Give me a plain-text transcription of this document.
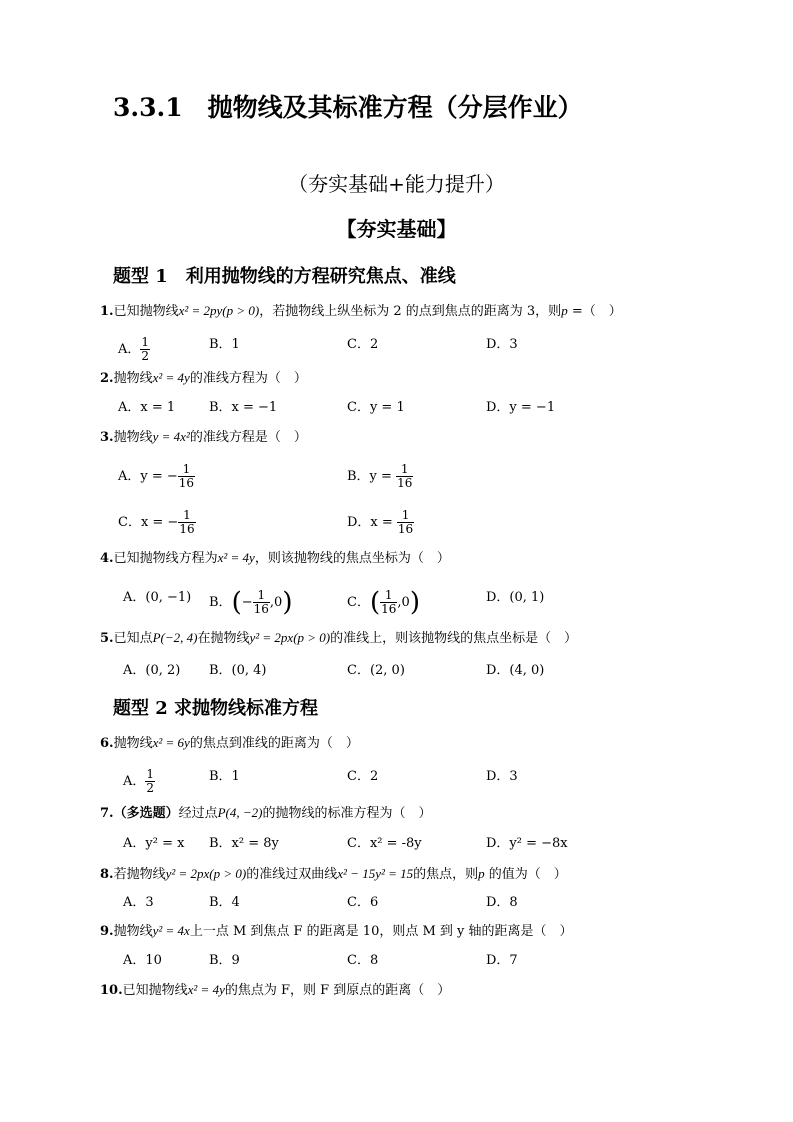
3.3.1　抛物线及其标准方程（分层作业）
（夯实基础+能力提升）
【夯实基础】
题型 1　利用抛物线的方程研究焦点、准线
1.已知抛物线x² = 2py(p > 0)，若抛物线上纵坐标为 2 的点到焦点的距离为 3，则p =（　）
A． $\frac{1}{2}$	B．1	C．2	D．3
2.抛物线x² = 4y的准线方程为（　）
A．x = 1	B．x = −1	C．y = 1	D．y = −1
3.抛物线y = 4x²的准线方程是（　）
A．y = − $\frac{1}{16}$	B．$y = \frac{1}{16}$
C．x = − $\frac{1}{16}$	D．$x = \frac{1}{16}$
4.已知抛物线方程为x² = 4y，则该抛物线的焦点坐标为（　）
A．(0, −1) B．(− $\frac{1}{16} ,0$)	C．( $\frac{1}{16} ,0$)	D．(0, 1)
5.已知点P(−2, 4)在抛物线y² = 2px(p > 0)的准线上，则该抛物线的焦点坐标是（　）
A．(0, 2) B．(0, 4)	C．(2, 0)	D．(4, 0)
题型 2 求抛物线标准方程
6.抛物线x² = 6y的焦点到准线的距离为（　）
A． $\frac{1}{2}$	B．1	C．2	D．3
7.（多选题）经过点P(4, −2)的抛物线的标准方程为（　）
A．y² = x B．x² = 8y	C．x² = -8y	D．y² = −8x
8.若抛物线y² = 2px(p > 0)的准线过双曲线x² − 15y² = 15的焦点，则p 的值为（　）
A．3	B．4	C．6	D．8
9.抛物线y² = 4x上一点 M 到焦点 F 的距离是 10，则点 M 到 y 轴的距离是（　）
A．10	B．9	C．8	D．7
10.已知抛物线x² = 4y的焦点为 F，则 F 到原点的距离（　）
